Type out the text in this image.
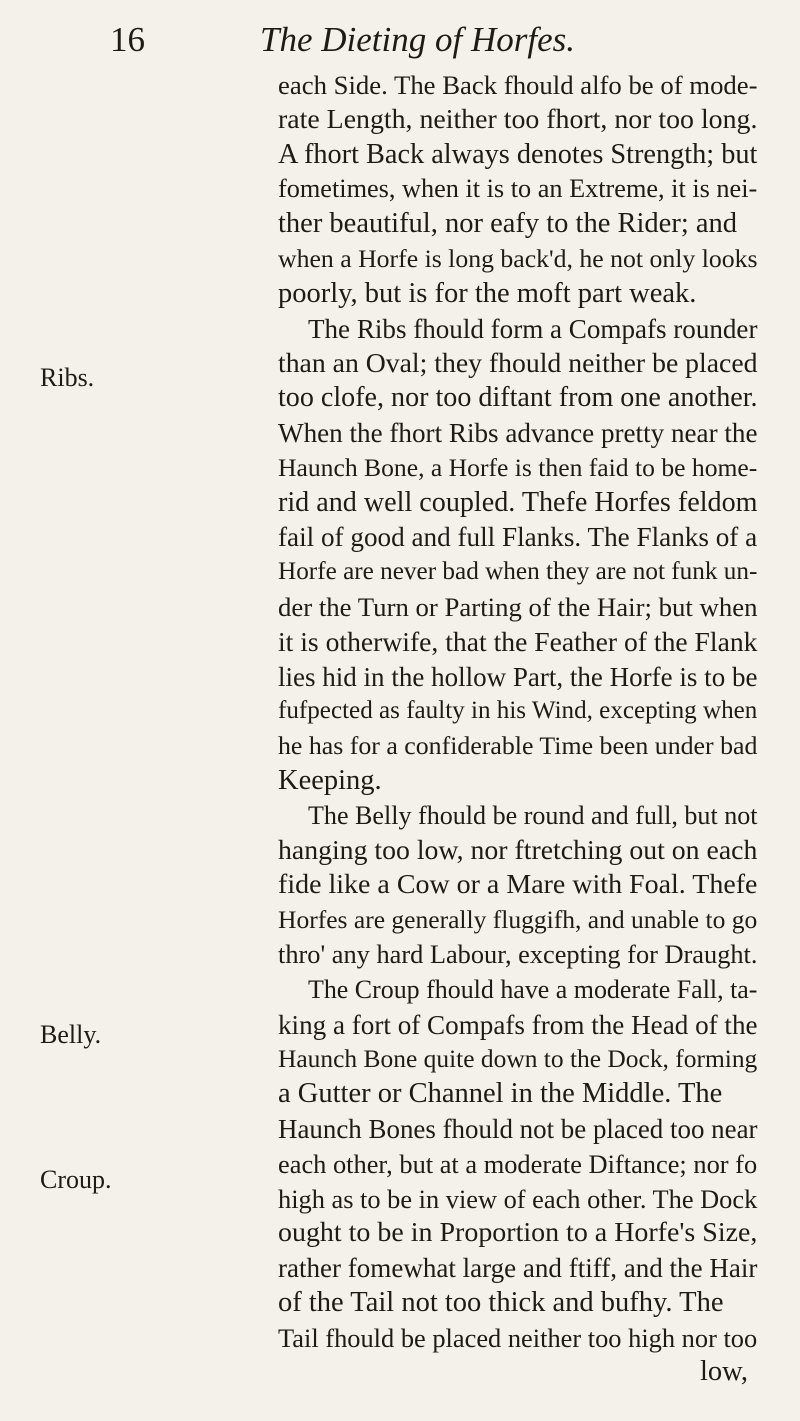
16	The Dieting of Horfes.
Ribs.
Belly.
Croup.
each Side. The Back fhould alfo be of mode-
rate Length, neither too fhort, nor too long.
A fhort Back always denotes Strength; but
fometimes, when it is to an Extreme, it is nei-
ther beautiful, nor eafy to the Rider; and
when a Horfe is long back'd, he not only looks
poorly, but is for the moft part weak.
The Ribs fhould form a Compafs rounder
than an Oval; they fhould neither be placed
too clofe, nor too diftant from one another.
When the fhort Ribs advance pretty near the
Haunch Bone, a Horfe is then faid to be home-
rid and well coupled. Thefe Horfes feldom
fail of good and full Flanks. The Flanks of a
Horfe are never bad when they are not funk un-
der the Turn or Parting of the Hair; but when
it is otherwife, that the Feather of the Flank
lies hid in the hollow Part, the Horfe is to be
fufpected as faulty in his Wind, excepting when
he has for a confiderable Time been under bad
Keeping.
The Belly fhould be round and full, but not
hanging too low, nor ftretching out on each
fide like a Cow or a Mare with Foal. Thefe
Horfes are generally fluggifh, and unable to go
thro' any hard Labour, excepting for Draught.
The Croup fhould have a moderate Fall, ta-
king a fort of Compafs from the Head of the
Haunch Bone quite down to the Dock, forming
a Gutter or Channel in the Middle. The
Haunch Bones fhould not be placed too near
each other, but at a moderate Diftance; nor fo
high as to be in view of each other. The Dock
ought to be in Proportion to a Horfe's Size,
rather fomewhat large and ftiff, and the Hair
of the Tail not too thick and bufhy. The
Tail fhould be placed neither too high nor too
low,
